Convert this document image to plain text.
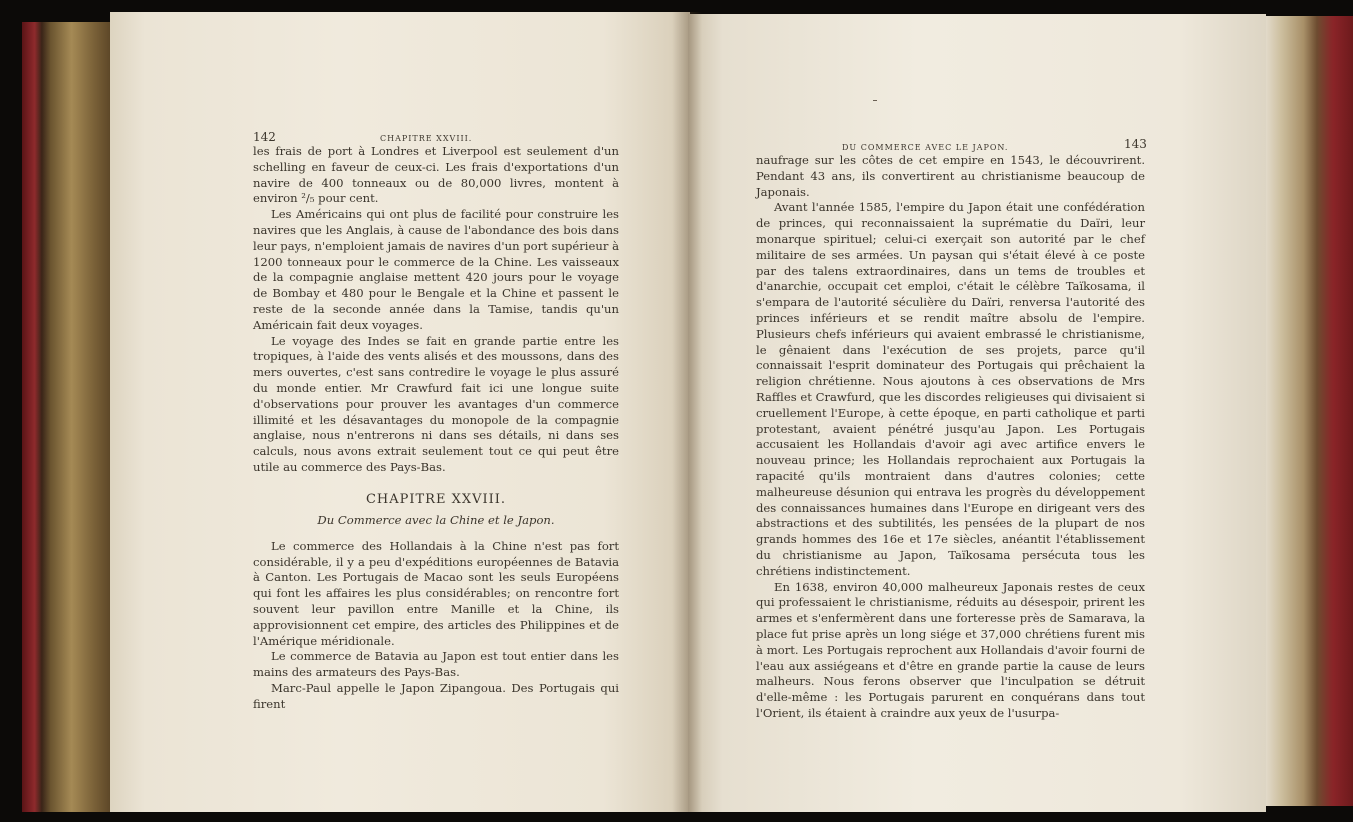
142	CHAPITRE XXVIII.

les frais de port à Londres et Liverpool est seulement d'un schelling en faveur de ceux-ci. Les frais d'exportations d'un navire de 400 tonneaux ou de 80,000 livres, montent à environ ²/₅ pour cent.

Les Américains qui ont plus de facilité pour construire les navires que les Anglais, à cause de l'abondance des bois dans leur pays, n'emploient jamais de navires d'un port supérieur à 1200 tonneaux pour le commerce de la Chine. Les vaisseaux de la compagnie anglaise mettent 420 jours pour le voyage de Bombay et 480 pour le Bengale et la Chine et passent le reste de la seconde année dans la Tamise, tandis qu'un Américain fait deux voyages.

Le voyage des Indes se fait en grande partie entre les tropiques, à l'aide des vents alisés et des moussons, dans des mers ouvertes, c'est sans contredire le voyage le plus assuré du monde entier. Mr Crawfurd fait ici une longue suite d'observations pour prouver les avantages d'un commerce illimité et les désavantages du monopole de la compagnie anglaise, nous n'entrerons ni dans ses détails, ni dans ses calculs, nous avons extrait seulement tout ce qui peut être utile au commerce des Pays-Bas.

CHAPITRE XXVIII.
Du Commerce avec la Chine et le Japon.

Le commerce des Hollandais à la Chine n'est pas fort considérable, il y a peu d'expéditions européennes de Batavia à Canton. Les Portugais de Macao sont les seuls Européens qui font les affaires les plus considérables; on rencontre fort souvent leur pavillon entre Manille et la Chine, ils approvisionnent cet empire, des articles des Philippines et de l'Amérique méridionale.

Le commerce de Batavia au Japon est tout entier dans les mains des armateurs des Pays-Bas.

Marc-Paul appelle le Japon Zipangoua. Des Portugais qui firent

DU COMMERCE AVEC LE JAPON.	143

naufrage sur les côtes de cet empire en 1543, le découvrirent. Pendant 43 ans, ils convertirent au christianisme beaucoup de Japonais.

Avant l'année 1585, l'empire du Japon était une confédération de princes, qui reconnaissaient la suprématie du Daïri, leur monarque spirituel; celui-ci exerçait son autorité par le chef militaire de ses armées. Un paysan qui s'était élevé à ce poste par des talens extraordinaires, dans un tems de troubles et d'anarchie, occupait cet emploi, c'était le célèbre Taïkosama, il s'empara de l'autorité séculière du Daïri, renversa l'autorité des princes inférieurs et se rendit maître absolu de l'empire. Plusieurs chefs inférieurs qui avaient embrassé le christianisme, le gênaient dans l'exécution de ses projets, parce qu'il connaissait l'esprit dominateur des Portugais qui prêchaient la religion chrétienne. Nous ajoutons à ces observations de Mrs Raffles et Crawfurd, que les discordes religieuses qui divisaient si cruellement l'Europe, à cette époque, en parti catholique et parti protestant, avaient pénétré jusqu'au Japon. Les Portugais accusaient les Hollandais d'avoir agi avec artifice envers le nouveau prince; les Hollandais reprochaient aux Portugais la rapacité qu'ils montraient dans d'autres colonies; cette malheureuse désunion qui entrava les progrès du développement des connaissances humaines dans l'Europe en dirigeant vers des abstractions et des subtilités, les pensées de la plupart de nos grands hommes des 16e et 17e siècles, anéantit l'établissement du christianisme au Japon, Taïkosama persécuta tous les chrétiens indistinctement.

En 1638, environ 40,000 malheureux Japonais restes de ceux qui professaient le christianisme, réduits au désespoir, prirent les armes et s'enfermèrent dans une forteresse près de Samarava, la place fut prise après un long siége et 37,000 chrétiens furent mis à mort. Les Portugais reprochent aux Hollandais d'avoir fourni de l'eau aux assiégeans et d'être en grande partie la cause de leurs malheurs. Nous ferons observer que l'inculpation se détruit d'elle-même : les Portugais parurent en conquérans dans tout l'Orient, ils étaient à craindre aux yeux de l'usurpa-
